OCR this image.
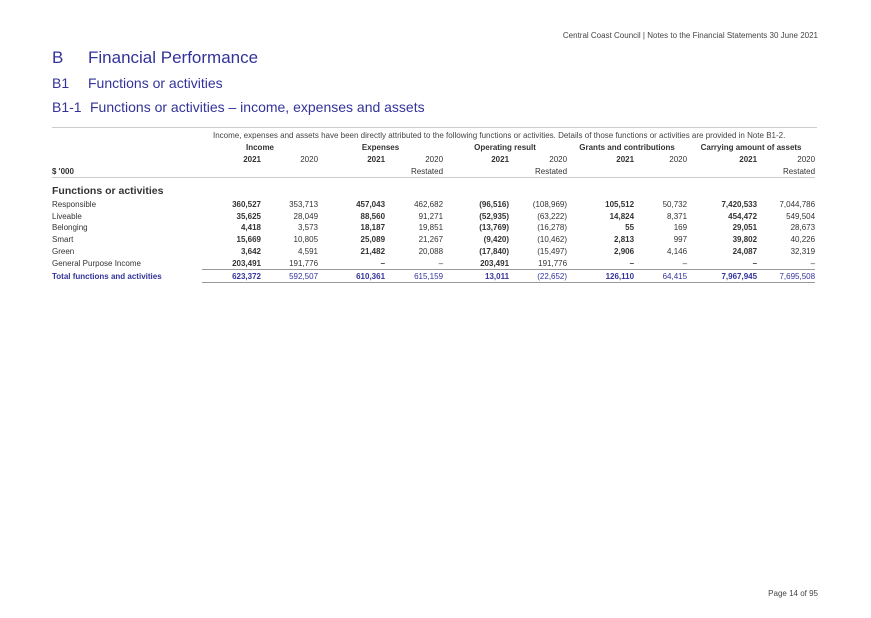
Central Coast Council | Notes to the Financial Statements 30 June 2021
B Financial Performance
B1 Functions or activities
B1-1 Functions or activities – income, expenses and assets
Income, expenses and assets have been directly attributed to the following functions or activities. Details of those functions or activities are provided in Note B1-2.
	Income		Expenses		Operating result		Grants and contributions		Carrying amount of assets	
	2021	2020	2021	2020	2021	2020	2021	2020	2021	2020
$ '000				Restated		Restated				Restated
Functions or activities										
Responsible	360,527	353,713	457,043	462,682	(96,516)	(108,969)	105,512	50,732	7,420,533	7,044,786
Liveable	35,625	28,049	88,560	91,271	(52,935)	(63,222)	14,824	8,371	454,472	549,504
Belonging	4,418	3,573	18,187	19,851	(13,769)	(16,278)	55	169	29,051	28,673
Smart	15,669	10,805	25,089	21,267	(9,420)	(10,462)	2,813	997	39,802	40,226
Green	3,642	4,591	21,482	20,088	(17,840)	(15,497)	2,906	4,146	24,087	32,319
General Purpose Income	203,491	191,776	–	–	203,491	191,776	–	–	–	–
Total functions and activities	623,372	592,507	610,361	615,159	13,011	(22,652)	126,110	64,415	7,967,945	7,695,508
Page 14 of 95
